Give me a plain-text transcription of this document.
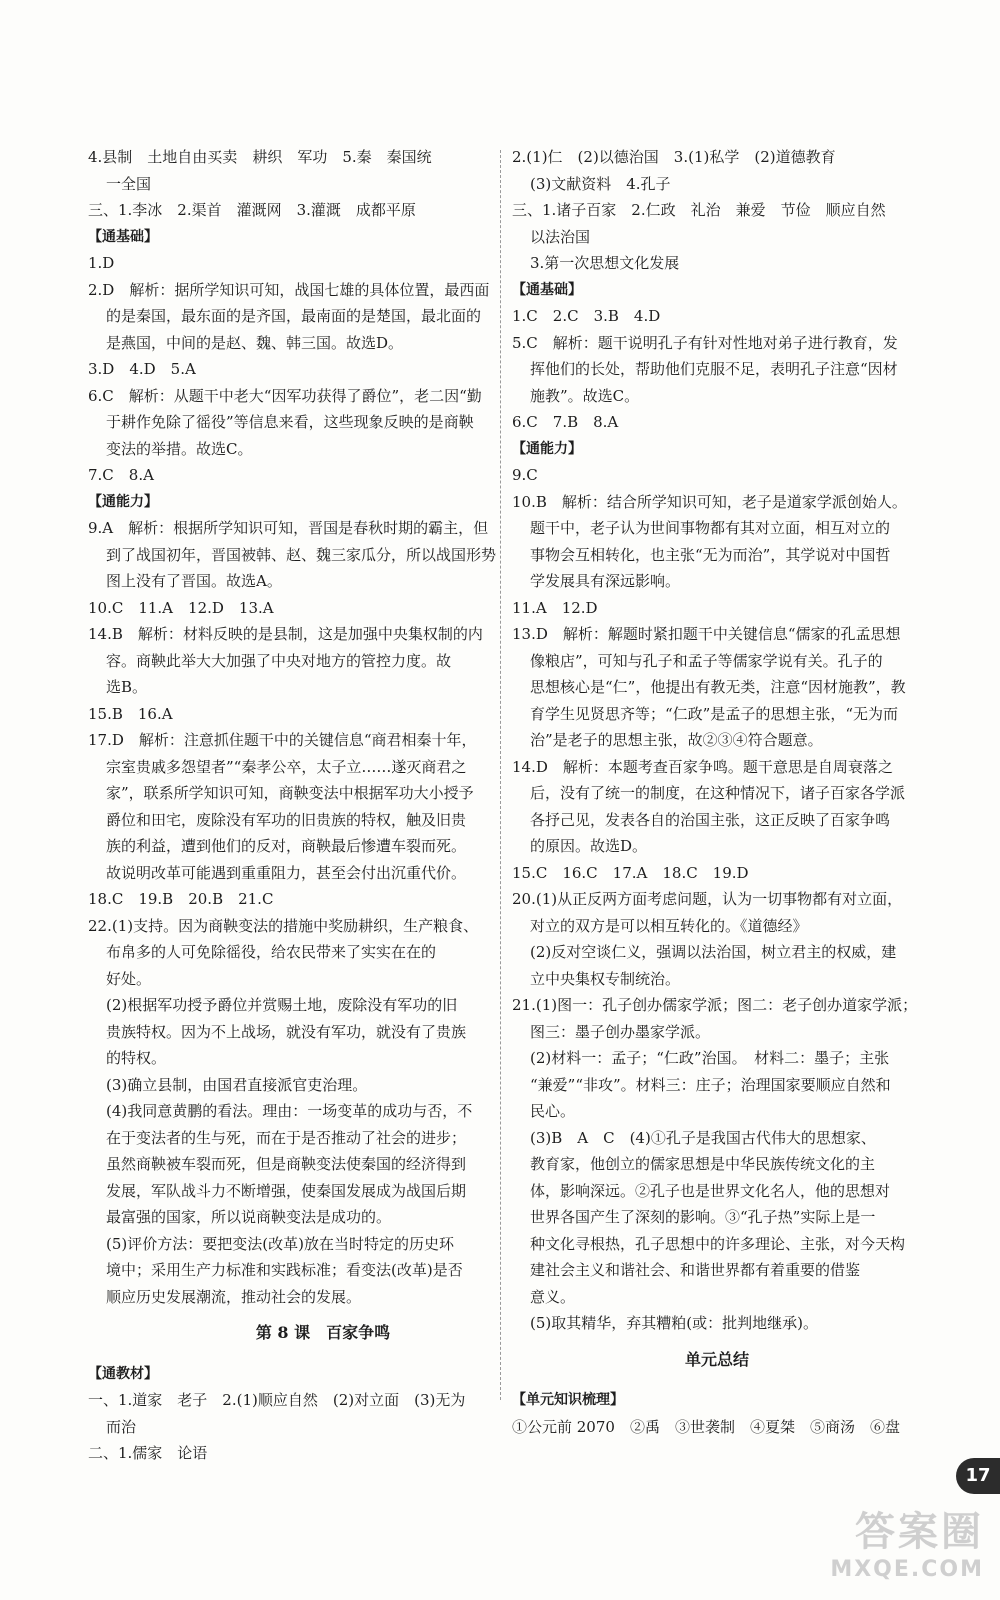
4.县制　土地自由买卖　耕织　军功　5.秦　秦国统
一全国
三、1.李冰　2.渠首　灌溉网　3.灌溉　成都平原
【通基础】
1.D
2.D　解析：据所学知识可知，战国七雄的具体位置，最西面
的是秦国，最东面的是齐国，最南面的是楚国，最北面的
是燕国，中间的是赵、魏、韩三国。故选D。
3.D　4.D　5.A
6.C　解析：从题干中老大“因军功获得了爵位”，老二因“勤
于耕作免除了徭役”等信息来看，这些现象反映的是商鞅
变法的举措。故选C。
7.C　8.A
【通能力】
9.A　解析：根据所学知识可知，晋国是春秋时期的霸主，但
到了战国初年，晋国被韩、赵、魏三家瓜分，所以战国形势
图上没有了晋国。故选A。
10.C　11.A　12.D　13.A
14.B　解析：材料反映的是县制，这是加强中央集权制的内
容。商鞅此举大大加强了中央对地方的管控力度。故
选B。
15.B　16.A
17.D　解析：注意抓住题干中的关键信息“商君相秦十年，
宗室贵戚多怨望者”“秦孝公卒，太子立……遂灭商君之
家”，联系所学知识可知，商鞅变法中根据军功大小授予
爵位和田宅，废除没有军功的旧贵族的特权，触及旧贵
族的利益，遭到他们的反对，商鞅最后惨遭车裂而死。
故说明改革可能遇到重重阻力，甚至会付出沉重代价。
18.C　19.B　20.B　21.C
22.(1)支持。因为商鞅变法的措施中奖励耕织，生产粮食、
布帛多的人可免除徭役，给农民带来了实实在在的
好处。
(2)根据军功授予爵位并赏赐土地，废除没有军功的旧
贵族特权。因为不上战场，就没有军功，就没有了贵族
的特权。
(3)确立县制，由国君直接派官吏治理。
(4)我同意黄鹏的看法。理由：一场变革的成功与否，不
在于变法者的生与死，而在于是否推动了社会的进步；
虽然商鞅被车裂而死，但是商鞅变法使秦国的经济得到
发展，军队战斗力不断增强，使秦国发展成为战国后期
最富强的国家，所以说商鞅变法是成功的。
(5)评价方法：要把变法(改革)放在当时特定的历史环
境中；采用生产力标准和实践标准；看变法(改革)是否
顺应历史发展潮流，推动社会的发展。
第 8 课　百家争鸣
【通教材】
一、1.道家　老子　2.(1)顺应自然　(2)对立面　(3)无为
而治
二、1.儒家　论语
2.(1)仁　(2)以德治国　3.(1)私学　(2)道德教育
(3)文献资料　4.孔子
三、1.诸子百家　2.仁政　礼治　兼爱　节俭　顺应自然
以法治国
3.第一次思想文化发展
【通基础】
1.C　2.C　3.B　4.D
5.C　解析：题干说明孔子有针对性地对弟子进行教育，发
挥他们的长处，帮助他们克服不足，表明孔子注意“因材
施教”。故选C。
6.C　7.B　8.A
【通能力】
9.C
10.B　解析：结合所学知识可知，老子是道家学派创始人。
题干中，老子认为世间事物都有其对立面，相互对立的
事物会互相转化，也主张“无为而治”，其学说对中国哲
学发展具有深远影响。
11.A　12.D
13.D　解析：解题时紧扣题干中关键信息“儒家的孔孟思想
像粮店”，可知与孔子和孟子等儒家学说有关。孔子的
思想核心是“仁”，他提出有教无类，注意“因材施教”，教
育学生见贤思齐等；“仁政”是孟子的思想主张，“无为而
治”是老子的思想主张，故②③④符合题意。
14.D　解析：本题考查百家争鸣。题干意思是自周衰落之
后，没有了统一的制度，在这种情况下，诸子百家各学派
各抒己见，发表各自的治国主张，这正反映了百家争鸣
的原因。故选D。
15.C　16.C　17.A　18.C　19.D
20.(1)从正反两方面考虑问题，认为一切事物都有对立面，
对立的双方是可以相互转化的。《道德经》
(2)反对空谈仁义，强调以法治国，树立君主的权威，建
立中央集权专制统治。
21.(1)图一：孔子创办儒家学派；图二：老子创办道家学派；
图三：墨子创办墨家学派。
(2)材料一：孟子；“仁政”治国。　材料二：墨子；主张
“兼爱”“非攻”。材料三：庄子；治理国家要顺应自然和
民心。
(3)B　A　C　(4)①孔子是我国古代伟大的思想家、
教育家，他创立的儒家思想是中华民族传统文化的主
体，影响深远。②孔子也是世界文化名人，他的思想对
世界各国产生了深刻的影响。③“孔子热”实际上是一
种文化寻根热，孔子思想中的许多理论、主张，对今天构
建社会主义和谐社会、和谐世界都有着重要的借鉴
意义。
(5)取其精华，弃其糟粕(或：批判地继承)。
单元总结
【单元知识梳理】
①公元前 2070　②禹　③世袭制　④夏桀　⑤商汤　⑥盘
17
答案圈
MXQE.COM
